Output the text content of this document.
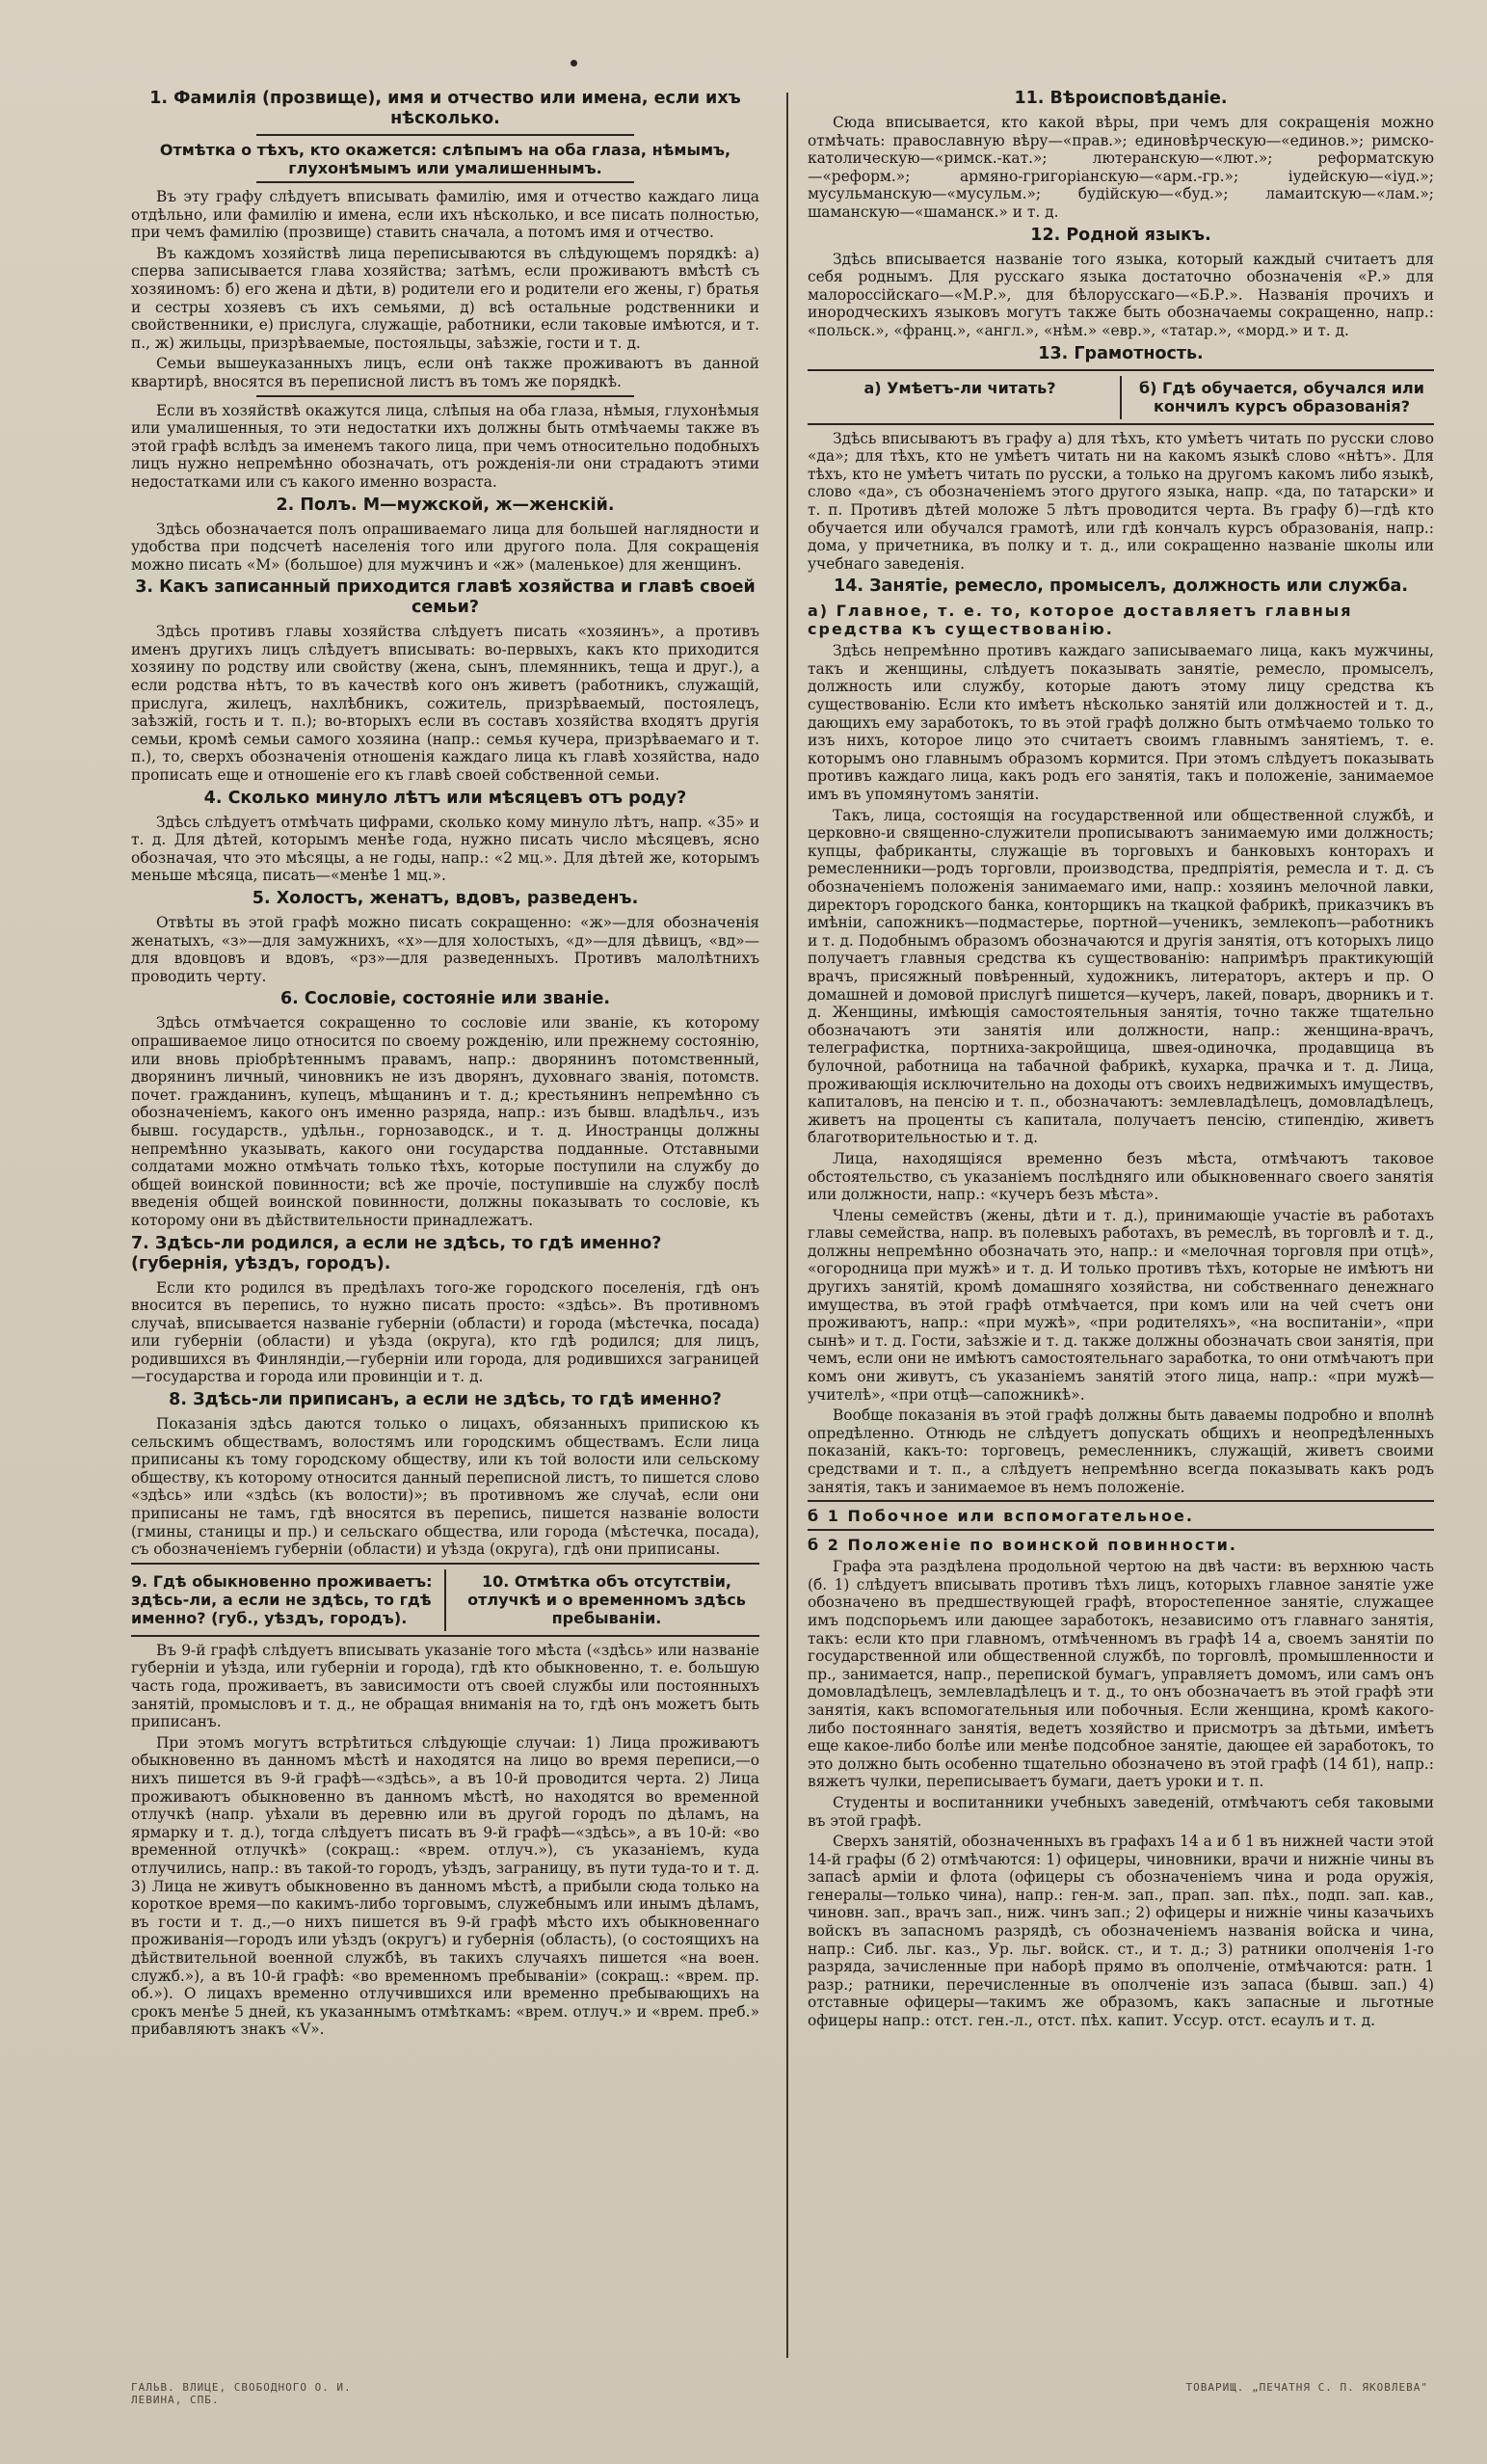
1. Фамилія (прозвище), имя и отчество или имена, если ихъ нѣсколько.
Отмѣтка о тѣхъ, кто окажется: слѣпымъ на оба глаза, нѣмымъ, глухонѣмымъ или умалишеннымъ.

Въ эту графу слѣдуетъ вписывать фамилію, имя и отчество каждаго лица отдѣльно, или фамилію и имена, если ихъ нѣсколько, и все писать полностью, при чемъ фамилію (прозвище) ставить сначала, а потомъ имя и отчество.

Въ каждомъ хозяйствѣ лица переписываются въ слѣдующемъ порядкѣ: а) сперва записывается глава хозяйства; затѣмъ, если проживаютъ вмѣстѣ съ хозяиномъ: б) его жена и дѣти, в) родители его и родители его жены, г) братья и сестры хозяевъ съ ихъ семьями, д) всѣ остальные родственники и свойственники, е) прислуга, служащіе, работники, если таковые имѣются, и т. п., ж) жильцы, призрѣваемые, постояльцы, заѣзжіе, гости и т. д.

Семьи вышеуказанныхъ лицъ, если онѣ также проживаютъ въ данной квартирѣ, вносятся въ переписной листъ въ томъ же порядкѣ.

Если въ хозяйствѣ окажутся лица, слѣпыя на оба глаза, нѣмыя, глухонѣмыя или умалишенныя, то эти недостатки ихъ должны быть отмѣчаемы также въ этой графѣ вслѣдъ за именемъ такого лица, при чемъ относительно подобныхъ лицъ нужно непремѣнно обозначать, отъ рожденія-ли они страдаютъ этими недостатками или съ какого именно возраста.

2. Полъ. М—мужской, ж—женскій.

Здѣсь обозначается полъ опрашиваемаго лица для большей наглядности и удобства при подсчетѣ населенія того или другого пола. Для сокращенія можно писать «М» (большое) для мужчинъ и «ж» (маленькое) для женщинъ.

3. Какъ записанный приходится главѣ хозяйства и главѣ своей семьи?

Здѣсь противъ главы хозяйства слѣдуетъ писать «хозяинъ», а противъ именъ другихъ лицъ слѣдуетъ вписывать: во-первыхъ, какъ кто приходится хозяину по родству или свойству (жена, сынъ, племянникъ, теща и друг.), а если родства нѣтъ, то въ качествѣ кого онъ живетъ (работникъ, служащій, прислуга, жилецъ, нахлѣбникъ, сожитель, призрѣваемый, постоялецъ, заѣзжій, гость и т. п.); во-вторыхъ если въ составъ хозяйства входятъ другія семьи, кромѣ семьи самого хозяина (напр.: семья кучера, призрѣваемаго и т. п.), то, сверхъ обозначенія отношенія каждаго лица къ главѣ хозяйства, надо прописать еще и отношеніе его къ главѣ своей собственной семьи.

4. Сколько минуло лѣтъ или мѣсяцевъ отъ роду?

Здѣсь слѣдуетъ отмѣчать цифрами, сколько кому минуло лѣтъ, напр. «35» и т. д. Для дѣтей, которымъ менѣе года, нужно писать число мѣсяцевъ, ясно обозначая, что это мѣсяцы, а не годы, напр.: «2 мц.». Для дѣтей же, которымъ меньше мѣсяца, писать—«менѣе 1 мц.».

5. Холостъ, женатъ, вдовъ, разведенъ.

Отвѣты въ этой графѣ можно писать сокращенно: «ж»—для обозначенія женатыхъ, «з»—для замужнихъ, «х»—для холостыхъ, «д»—для дѣвицъ, «вд»—для вдовцовъ и вдовъ, «рз»—для разведенныхъ. Противъ малолѣтнихъ проводить черту.

6. Сословіе, состояніе или званіе.

Здѣсь отмѣчается сокращенно то сословіе или званіе, къ которому опрашиваемое лицо относится по своему рожденію, или прежнему состоянію, или вновь пріобрѣтеннымъ правамъ, напр.: дворянинъ потомственный, дворянинъ личный, чиновникъ не изъ дворянъ, духовнаго званія, потомств. почет. гражданинъ, купецъ, мѣщанинъ и т. д.; крестьянинъ непремѣнно съ обозначеніемъ, какого онъ именно разряда, напр.: изъ бывш. владѣльч., изъ бывш. государств., удѣльн., горнозаводск., и т. д. Иностранцы должны непремѣнно указывать, какого они государства подданные. Отставными солдатами можно отмѣчать только тѣхъ, которые поступили на службу до общей воинской повинности; всѣ же прочіе, поступившіе на службу послѣ введенія общей воинской повинности, должны показывать то сословіе, къ которому они въ дѣйствительности принадлежатъ.

7. Здѣсь-ли родился, а если не здѣсь, то гдѣ именно? (губернія, уѣздъ, городъ).

Если кто родился въ предѣлахъ того-же городского поселенія, гдѣ онъ вносится въ перепись, то нужно писать просто: «здѣсь». Въ противномъ случаѣ, вписывается названіе губерніи (области) и города (мѣстечка, посада) или губерніи (области) и уѣзда (округа), кто гдѣ родился; для лицъ, родившихся въ Финляндіи,—губерніи или города, для родившихся заграницей—государства и города или провинціи и т. д.

8. Здѣсь-ли приписанъ, а если не здѣсь, то гдѣ именно?

Показанія здѣсь даются только о лицахъ, обязанныхъ припискою къ сельскимъ обществамъ, волостямъ или городскимъ обществамъ. Если лица приписаны къ тому городскому обществу, или къ той волости или сельскому обществу, къ которому относится данный переписной листъ, то пишется слово «здѣсь» или «здѣсь (къ волости)»; въ противномъ же случаѣ, если они приписаны не тамъ, гдѣ вносятся въ перепись, пишется названіе волости (гмины, станицы и пр.) и сельскаго общества, или города (мѣстечка, посада), съ обозначеніемъ губерніи (области) и уѣзда (округа), гдѣ они приписаны.

9. Гдѣ обыкновенно проживаетъ: здѣсь-ли, а если не здѣсь, то гдѣ именно? (губ., уѣздъ, городъ).
10. Отмѣтка объ отсутствіи, отлучкѣ и о временномъ здѣсь пребываніи.

Въ 9-й графѣ слѣдуетъ вписывать указаніе того мѣста («здѣсь» или названіе губерніи и уѣзда, или губерніи и города), гдѣ кто обыкновенно, т. е. большую часть года, проживаетъ, въ зависимости отъ своей службы или постоянныхъ занятій, промысловъ и т. д., не обращая вниманія на то, гдѣ онъ можетъ быть приписанъ.

При этомъ могутъ встрѣтиться слѣдующіе случаи: 1) Лица проживаютъ обыкновенно въ данномъ мѣстѣ и находятся на лицо во время переписи,—о нихъ пишется въ 9-й графѣ—«здѣсь», а въ 10-й проводится черта. 2) Лица проживаютъ обыкновенно въ данномъ мѣстѣ, но находятся во временной отлучкѣ (напр. уѣхали въ деревню или въ другой городъ по дѣламъ, на ярмарку и т. д.), тогда слѣдуетъ писать въ 9-й графѣ—«здѣсь», а въ 10-й: «во временной отлучкѣ» (сокращ.: «врем. отлуч.»), съ указаніемъ, куда отлучились, напр.: въ такой-то городъ, уѣздъ, заграницу, въ пути туда-то и т. д. 3) Лица не живутъ обыкновенно въ данномъ мѣстѣ, а прибыли сюда только на короткое время—по какимъ-либо торговымъ, служебнымъ или инымъ дѣламъ, въ гости и т. д.,—о нихъ пишется въ 9-й графѣ мѣсто ихъ обыкновеннаго проживанія—городъ или уѣздъ (округъ) и губернія (область), (о состоящихъ на дѣйствительной военной службѣ, въ такихъ случаяхъ пишется «на воен. служб.»), а въ 10-й графѣ: «во временномъ пребываніи» (сокращ.: «врем. пр. об.»). О лицахъ временно отлучившихся или временно пребывающихъ на срокъ менѣе 5 дней, къ указаннымъ отмѣткамъ: «врем. отлуч.» и «врем. преб.» прибавляютъ знакъ «V».

11. Вѣроисповѣданіе.

Сюда вписывается, кто какой вѣры, при чемъ для сокращенія можно отмѣчать: православную вѣру—«прав.»; единовѣрческую—«единов.»; римско-католическую—«римск.-кат.»; лютеранскую—«лют.»; реформатскую—«реформ.»; армяно-григоріанскую—«арм.-гр.»; іудейскую—«іуд.»; мусульманскую—«мусульм.»; будійскую—«буд.»; ламаитскую—«лам.»; шаманскую—«шаманск.» и т. д.

12. Родной языкъ.

Здѣсь вписывается названіе того языка, который каждый считаетъ для себя роднымъ. Для русскаго языка достаточно обозначенія «Р.» для малороссійскаго—«М.Р.», для бѣлорусскаго—«Б.Р.». Названія прочихъ и инородческихъ языковъ могутъ также быть обозначаемы сокращенно, напр.: «польск.», «франц.», «англ.», «нѣм.» «евр.», «татар.», «морд.» и т. д.

13. Грамотность.
а) Умѣетъ-ли читать?	б) Гдѣ обучается, обучался или кончилъ курсъ образованія?

Здѣсь вписываютъ въ графу а) для тѣхъ, кто умѣетъ читать по русски слово «да»; для тѣхъ, кто не умѣетъ читать ни на какомъ языкѣ слово «нѣтъ». Для тѣхъ, кто не умѣетъ читать по русски, а только на другомъ какомъ либо языкѣ, слово «да», съ обозначеніемъ этого другого языка, напр. «да, по татарски» и т. п. Противъ дѣтей моложе 5 лѣтъ проводится черта. Въ графу б)—гдѣ кто обучается или обучался грамотѣ, или гдѣ кончалъ курсъ образованія, напр.: дома, у причетника, въ полку и т. д., или сокращенно названіе школы или учебнаго заведенія.

14. Занятіе, ремесло, промыселъ, должность или служба.
а) Главное, т. е. то, которое доставляетъ главныя средства къ существованію.

Здѣсь непремѣнно противъ каждаго записываемаго лица, какъ мужчины, такъ и женщины, слѣдуетъ показывать занятіе, ремесло, промыселъ, должность или службу, которые даютъ этому лицу средства къ существованію. Если кто имѣетъ нѣсколько занятій или должностей и т. д., дающихъ ему заработокъ, то въ этой графѣ должно быть отмѣчаемо только то изъ нихъ, которое лицо это считаетъ своимъ главнымъ занятіемъ, т. е. которымъ оно главнымъ образомъ кормится. При этомъ слѣдуетъ показывать противъ каждаго лица, какъ родъ его занятія, такъ и положеніе, занимаемое имъ въ упомянутомъ занятіи.

Такъ, лица, состоящія на государственной или общественной службѣ, и церковно-и священно-служители прописываютъ занимаемую ими должность; купцы, фабриканты, служащіе въ торговыхъ и банковыхъ конторахъ и ремесленники—родъ торговли, производства, предпріятія, ремесла и т. д. съ обозначеніемъ положенія занимаемаго ими, напр.: хозяинъ мелочной лавки, директоръ городского банка, конторщикъ на ткацкой фабрикѣ, приказчикъ въ имѣніи, сапожникъ—подмастерье, портной—ученикъ, землекопъ—работникъ и т. д. Подобнымъ образомъ обозначаются и другія занятія, отъ которыхъ лицо получаетъ главныя средства къ существованію: напримѣръ практикующій врачъ, присяжный повѣренный, художникъ, литераторъ, актеръ и пр. О домашней и домовой прислугѣ пишется—кучеръ, лакей, поваръ, дворникъ и т. д. Женщины, имѣющія самостоятельныя занятія, точно также тщательно обозначаютъ эти занятія или должности, напр.: женщина-врачъ, телеграфистка, портниха-закройщица, швея-одиночка, продавщица въ булочной, работница на табачной фабрикѣ, кухарка, прачка и т. д. Лица, проживающія исключительно на доходы отъ своихъ недвижимыхъ имуществъ, капиталовъ, на пенсію и т. п., обозначаютъ: землевладѣлецъ, домовладѣлецъ, живетъ на проценты съ капитала, получаетъ пенсію, стипендію, живетъ благотворительностью и т. д.

Лица, находящіяся временно безъ мѣста, отмѣчаютъ таковое обстоятельство, съ указаніемъ послѣдняго или обыкновеннаго своего занятія или должности, напр.: «кучеръ безъ мѣста».

Члены семействъ (жены, дѣти и т. д.), принимающіе участіе въ работахъ главы семейства, напр. въ полевыхъ работахъ, въ ремеслѣ, въ торговлѣ и т. д., должны непремѣнно обозначать это, напр.: и «мелочная торговля при отцѣ», «огородница при мужѣ» и т. д. И только противъ тѣхъ, которые не имѣютъ ни другихъ занятій, кромѣ домашняго хозяйства, ни собственнаго денежнаго имущества, въ этой графѣ отмѣчается, при комъ или на чей счетъ они проживаютъ, напр.: «при мужѣ», «при родителяхъ», «на воспитаніи», «при сынѣ» и т. д. Гости, заѣзжіе и т. д. также должны обозначать свои занятія, при чемъ, если они не имѣютъ самостоятельнаго заработка, то они отмѣчаютъ при комъ они живутъ, съ указаніемъ занятій этого лица, напр.: «при мужѣ—учителѣ», «при отцѣ—сапожникѣ».

Вообще показанія въ этой графѣ должны быть даваемы подробно и вполнѣ опредѣленно. Отнюдь не слѣдуетъ допускать общихъ и неопредѣленныхъ показаній, какъ-то: торговецъ, ремесленникъ, служащій, живетъ своими средствами и т. п., а слѣдуетъ непремѣнно всегда показывать какъ родъ занятія, такъ и занимаемое въ немъ положеніе.

б 1 Побочное или вспомогательное.
б 2 Положеніе по воинской повинности.

Графа эта раздѣлена продольной чертою на двѣ части: въ верхнюю часть (б. 1) слѣдуетъ вписывать противъ тѣхъ лицъ, которыхъ главное занятіе уже обозначено въ предшествующей графѣ, второстепенное занятіе, служащее имъ подспорьемъ или дающее заработокъ, независимо отъ главнаго занятія, такъ: если кто при главномъ, отмѣченномъ въ графѣ 14 а, своемъ занятіи по государственной или общественной службѣ, по торговлѣ, промышленности и пр., занимается, напр., перепиской бумагъ, управляетъ домомъ, или самъ онъ домовладѣлецъ, землевладѣлецъ и т. д., то онъ обозначаетъ въ этой графѣ эти занятія, какъ вспомогательныя или побочныя. Если женщина, кромѣ какого-либо постояннаго занятія, ведетъ хозяйство и присмотръ за дѣтьми, имѣетъ еще какое-либо болѣе или менѣе подсобное занятіе, дающее ей заработокъ, то это должно быть особенно тщательно обозначено въ этой графѣ (14 б1), напр.: вяжетъ чулки, переписываетъ бумаги, даетъ уроки и т. п.

Студенты и воспитанники учебныхъ заведеній, отмѣчаютъ себя таковыми въ этой графѣ.

Сверхъ занятій, обозначенныхъ въ графахъ 14 а и б 1 въ нижней части этой 14-й графы (б 2) отмѣчаются: 1) офицеры, чиновники, врачи и нижніе чины въ запасѣ арміи и флота (офицеры съ обозначеніемъ чина и рода оружія, генералы—только чина), напр.: ген-м. зап., прап. зап. пѣх., подп. зап. кав., чиновн. зап., врачъ зап., ниж. чинъ зап.; 2) офицеры и нижніе чины казачьихъ войскъ въ запасномъ разрядѣ, съ обозначеніемъ названія войска и чина, напр.: Сиб. льг. каз., Ур. льг. войск. ст., и т. д.; 3) ратники ополченія 1-го разряда, зачисленные при наборѣ прямо въ ополченіе, отмѣчаются: ратн. 1 разр.; ратники, перечисленные въ ополченіе изъ запаса (бывш. зап.) 4) отставные офицеры—такимъ же образомъ, какъ запасные и льготные офицеры напр.: отст. ген.-л., отст. пѣх. капит. Уссур. отст. есаулъ и т. д.

ГАЛЬВ. ВЛИЦЕ, СВОБОДНОГО О. И. ЛЕВИНА, СПБ.
ТОВАРИЩ. „ПЕЧАТНЯ С. П. ЯКОВЛЕВА"
